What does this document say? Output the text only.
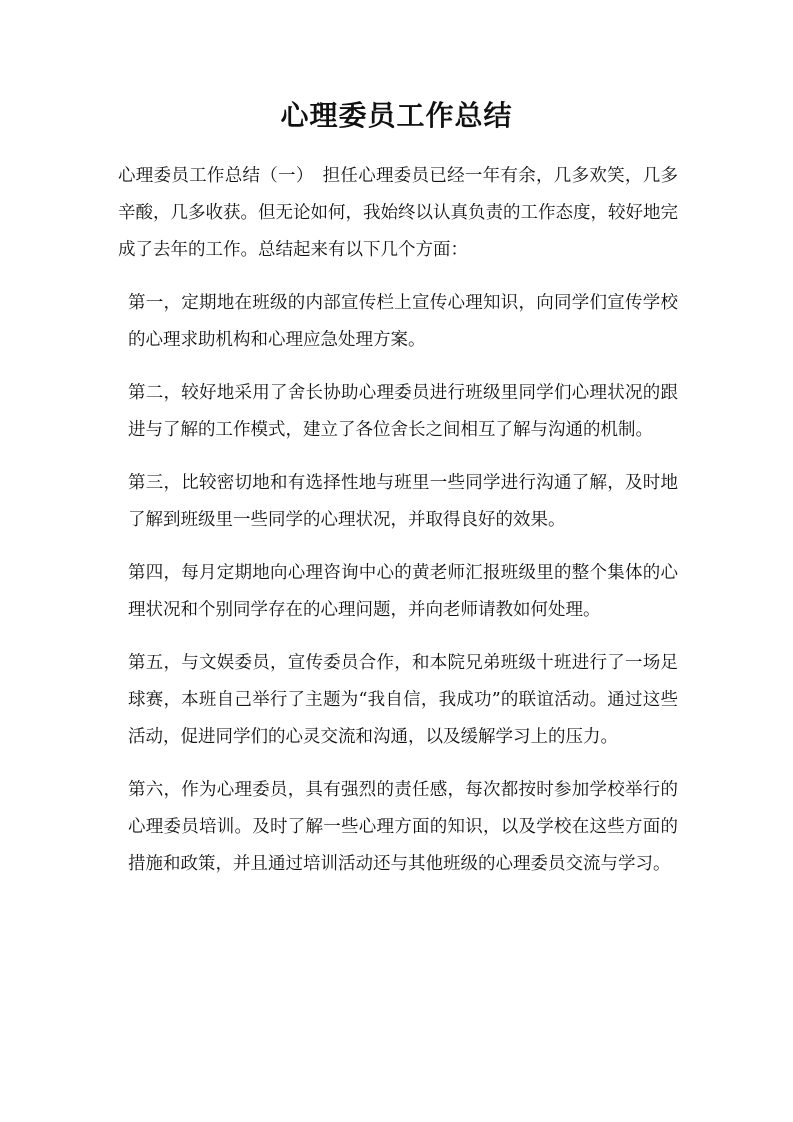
心理委员工作总结

心理委员工作总结（一）　担任心理委员已经一年有余，几多欢笑，几多辛酸，几多收获。但无论如何，我始终以认真负责的工作态度，较好地完成了去年的工作。总结起来有以下几个方面：

第一，定期地在班级的内部宣传栏上宣传心理知识，向同学们宣传学校的心理求助机构和心理应急处理方案。

第二，较好地采用了舍长协助心理委员进行班级里同学们心理状况的跟进与了解的工作模式，建立了各位舍长之间相互了解与沟通的机制。

第三，比较密切地和有选择性地与班里一些同学进行沟通了解，及时地了解到班级里一些同学的心理状况，并取得良好的效果。

第四，每月定期地向心理咨询中心的黄老师汇报班级里的整个集体的心理状况和个别同学存在的心理问题，并向老师请教如何处理。

第五，与文娱委员，宣传委员合作，和本院兄弟班级十班进行了一场足球赛，本班自己举行了主题为“我自信，我成功”的联谊活动。通过这些活动，促进同学们的心灵交流和沟通，以及缓解学习上的压力。

第六，作为心理委员，具有强烈的责任感，每次都按时参加学校举行的心理委员培训。及时了解一些心理方面的知识，以及学校在这些方面的措施和政策，并且通过培训活动还与其他班级的心理委员交流与学习。
